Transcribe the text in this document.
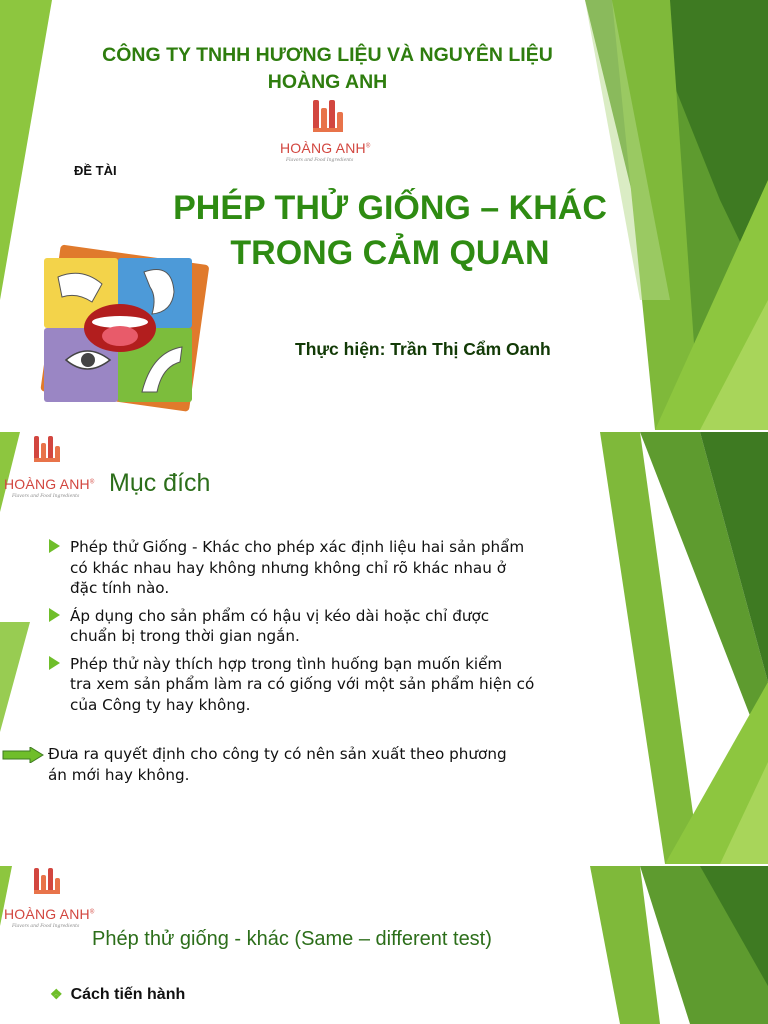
CÔNG TY TNHH HƯƠNG LIỆU VÀ NGUYÊN LIỆU
HOÀNG ANH
HOÀNG ANH®
Flavors and Food Ingredients
ĐỀ TÀI
PHÉP THỬ GIỐNG – KHÁC
TRONG CẢM QUAN
Thực hiện: Trần Thị Cẩm Oanh
HOÀNG ANH®
Flavors and Food Ingredients Mục đích
Phép thử Giống - Khác cho phép xác định liệu hai sản phẩm
có khác nhau hay không nhưng không chỉ rõ khác nhau ở
đặc tính nào.
Áp dụng cho sản phẩm có hậu vị kéo dài hoặc chỉ được
chuẩn bị trong thời gian ngắn.
Phép thử này thích hợp trong tình huống bạn muốn kiểm
tra xem sản phẩm làm ra có giống với một sản phẩm hiện có
của Công ty hay không.
Đưa ra quyết định cho công ty có nên sản xuất theo phương
án mới hay không.
HOÀNG ANH®
Flavors and Food Ingredients
Phép thử giống - khác (Same – different test)
❖ Cách tiến hành
